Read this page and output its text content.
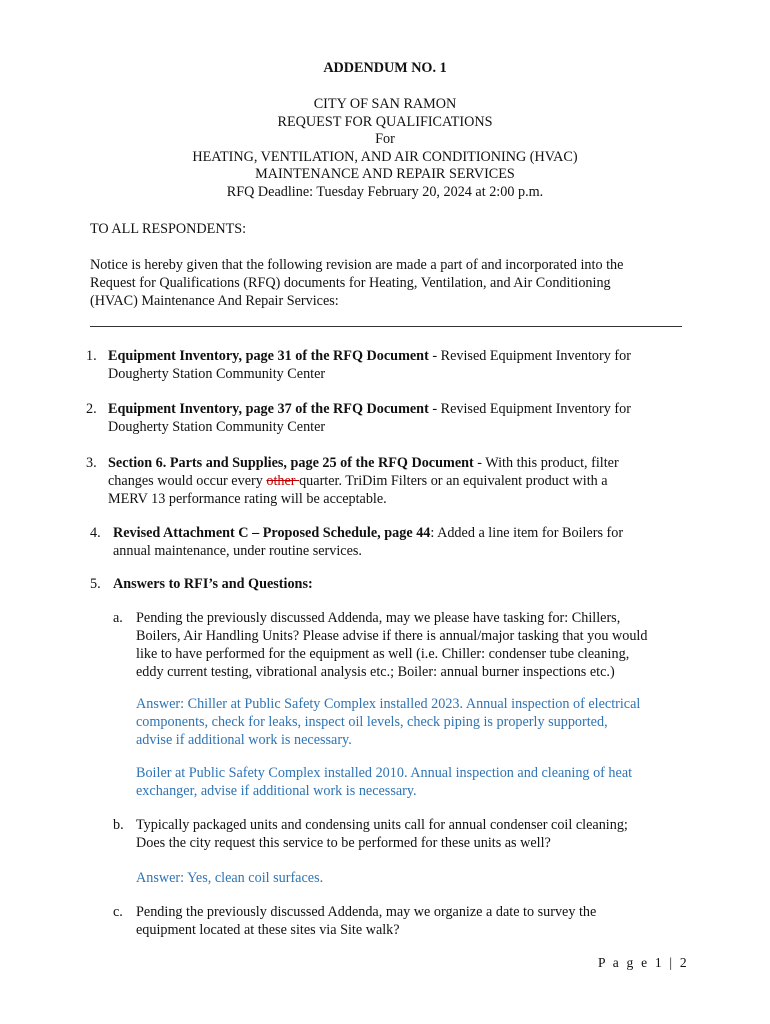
ADDENDUM NO. 1
CITY OF SAN RAMON
REQUEST FOR QUALIFICATIONS
For
HEATING, VENTILATION, AND AIR CONDITIONING (HVAC)
MAINTENANCE AND REPAIR SERVICES
RFQ Deadline: Tuesday February 20, 2024 at 2:00 p.m.
TO ALL RESPONDENTS:
Notice is hereby given that the following revision are made a part of and incorporated into the
Request for Qualifications (RFQ) documents for Heating, Ventilation, and Air Conditioning
(HVAC) Maintenance And Repair Services:
1. Equipment Inventory, page 31 of the RFQ Document - Revised Equipment Inventory for
Dougherty Station Community Center
2. Equipment Inventory, page 37 of the RFQ Document - Revised Equipment Inventory for
Dougherty Station Community Center
3. Section 6. Parts and Supplies, page 25 of the RFQ Document - With this product, filter
changes would occur every other quarter. TriDim Filters or an equivalent product with a
MERV 13 performance rating will be acceptable.
4. Revised Attachment C – Proposed Schedule, page 44: Added a line item for Boilers for
annual maintenance, under routine services.
5. Answers to RFI’s and Questions:
a. Pending the previously discussed Addenda, may we please have tasking for: Chillers,
Boilers, Air Handling Units? Please advise if there is annual/major tasking that you would
like to have performed for the equipment as well (i.e. Chiller: condenser tube cleaning,
eddy current testing, vibrational analysis etc.; Boiler: annual burner inspections etc.)
Answer: Chiller at Public Safety Complex installed 2023. Annual inspection of electrical
components, check for leaks, inspect oil levels, check piping is properly supported,
advise if additional work is necessary.
Boiler at Public Safety Complex installed 2010. Annual inspection and cleaning of heat
exchanger, advise if additional work is necessary.
b. Typically packaged units and condensing units call for annual condenser coil cleaning;
Does the city request this service to be performed for these units as well?
Answer: Yes, clean coil surfaces.
c. Pending the previously discussed Addenda, may we organize a date to survey the
equipment located at these sites via Site walk?
P a g e 1 | 2
